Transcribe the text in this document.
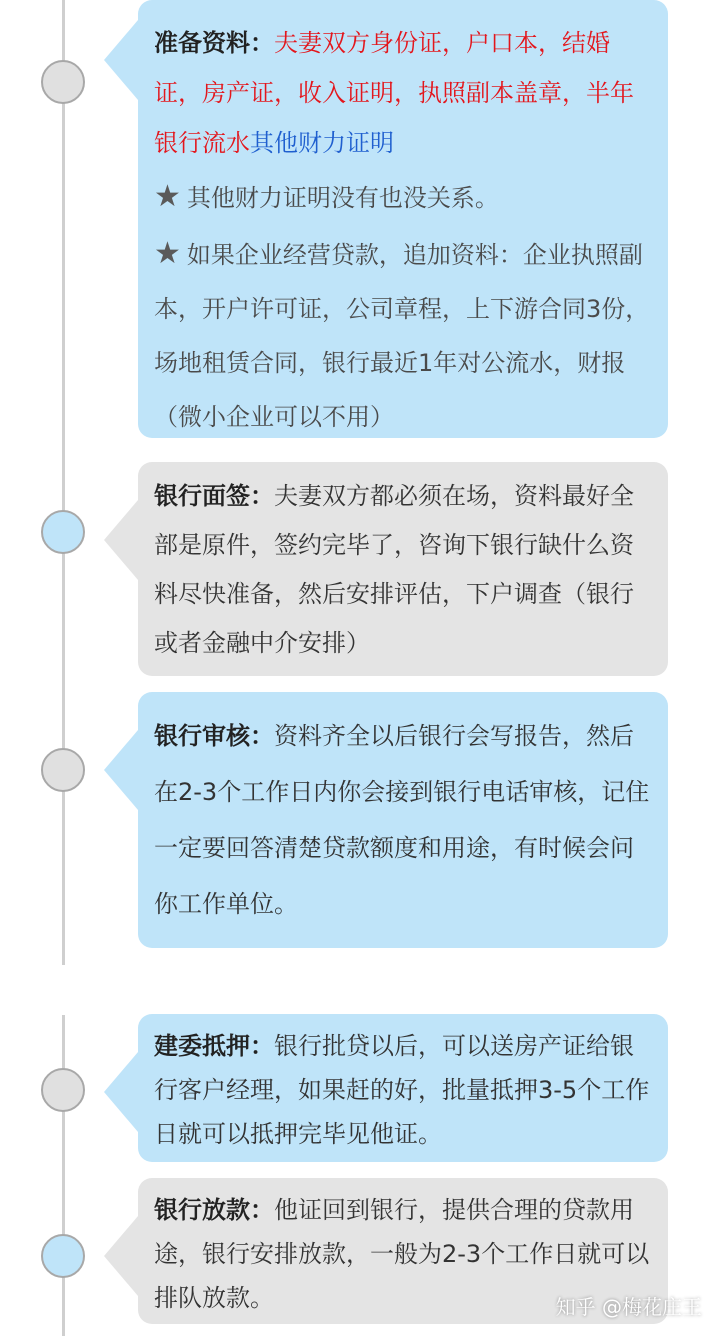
准备资料：夫妻双方身份证，户口本，结婚证，房产证，收入证明，执照副本盖章，半年银行流水其他财力证明
★ 其他财力证明没有也没关系。
★ 如果企业经营贷款，追加资料：企业执照副本，开户许可证，公司章程，上下游合同3份，场地租赁合同，银行最近1年对公流水，财报（微小企业可以不用）
银行面签：夫妻双方都必须在场，资料最好全部是原件，签约完毕了，咨询下银行缺什么资料尽快准备，然后安排评估，下户调查（银行或者金融中介安排）
银行审核：资料齐全以后银行会写报告，然后在2-3个工作日内你会接到银行电话审核，记住一定要回答清楚贷款额度和用途，有时候会问你工作单位。
建委抵押：银行批贷以后，可以送房产证给银行客户经理，如果赶的好，批量抵押3-5个工作日就可以抵押完毕见他证。
银行放款：他证回到银行，提供合理的贷款用途，银行安排放款，一般为2-3个工作日就可以排队放款。	知乎 @梅花庄王
